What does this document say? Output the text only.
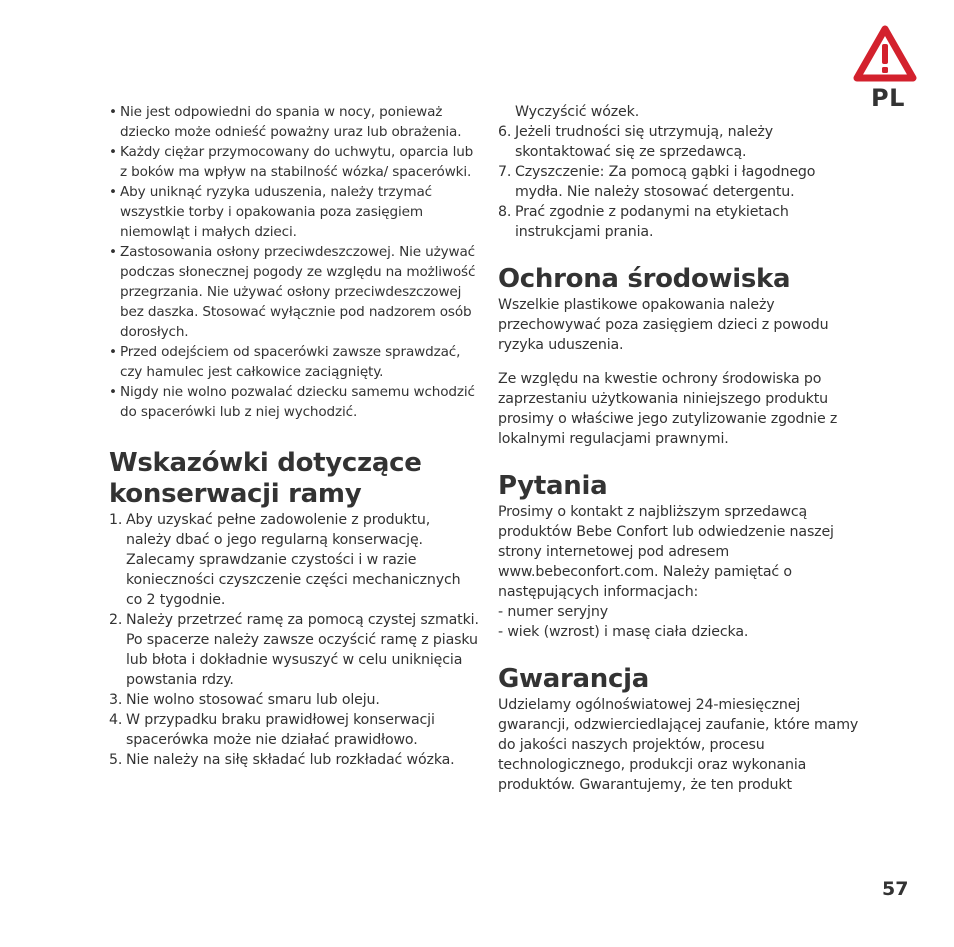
PL
• Nie jest odpowiedni do spania w nocy, ponieważ dziecko może odnieść poważny uraz lub obrażenia.
• Każdy ciężar przymocowany do uchwytu, oparcia lub z boków ma wpływ na stabilność wózka/ spacerówki.
• Aby uniknąć ryzyka uduszenia, należy trzymać wszystkie torby i opakowania poza zasięgiem niemowląt i małych dzieci.
• Zastosowania osłony przeciwdeszczowej. Nie używać podczas słonecznej pogody ze względu na możliwość przegrzania. Nie używać osłony przeciwdeszczowej bez daszka. Stosować wyłącznie pod nadzorem osób dorosłych.
• Przed odejściem od spacerówki zawsze sprawdzać, czy hamulec jest całkowice zaciągnięty.
• Nigdy nie wolno pozwalać dziecku samemu wchodzić do spacerówki lub z niej wychodzić.
Wskazówki dotyczące
konserwacji ramy
1. Aby uzyskać pełne zadowolenie z produktu, należy dbać o jego regularną konserwację. Zalecamy sprawdzanie czystości i w razie konieczności czyszczenie części mechanicznych co 2 tygodnie.
2. Należy przetrzeć ramę za pomocą czystej szmatki. Po spacerze należy zawsze oczyścić ramę z piasku lub błota i dokładnie wysuszyć w celu uniknięcia powstania rdzy.
3. Nie wolno stosować smaru lub oleju.
4. W przypadku braku prawidłowej konserwacji spacerówka może nie działać prawidłowo.
5. Nie należy na siłę składać lub rozkładać wózka.

Wyczyścić wózek.

6. Jeżeli trudności się utrzymują, należy skontaktować się ze sprzedawcą.
7. Czyszczenie: Za pomocą gąbki i łagodnego mydła. Nie należy stosować detergentu.
8. Prać zgodnie z podanymi na etykietach instrukcjami prania.
Ochrona środowiska

Wszelkie plastikowe opakowania należy przechowywać poza zasięgiem dzieci z powodu ryzyka uduszenia.

Ze względu na kwestie ochrony środowiska po zaprzestaniu użytkowania niniejszego produktu prosimy o właściwe jego zutylizowanie zgodnie z lokalnymi regulacjami prawnymi.

Pytania

Prosimy o kontakt z najbliższym sprzedawcą produktów Bebe Confort lub odwiedzenie naszej strony internetowej pod adresem www.bebeconfort.com. Należy pamiętać o następujących informacjach:

- numer seryjny

- wiek (wzrost) i masę ciała dziecka.

Gwarancja

Udzielamy ogólnoświatowej 24-miesięcznej gwarancji, odzwierciedlającej zaufanie, które mamy do jakości naszych projektów, procesu technologicznego, produkcji oraz wykonania produktów. Gwarantujemy, że ten produkt

57
